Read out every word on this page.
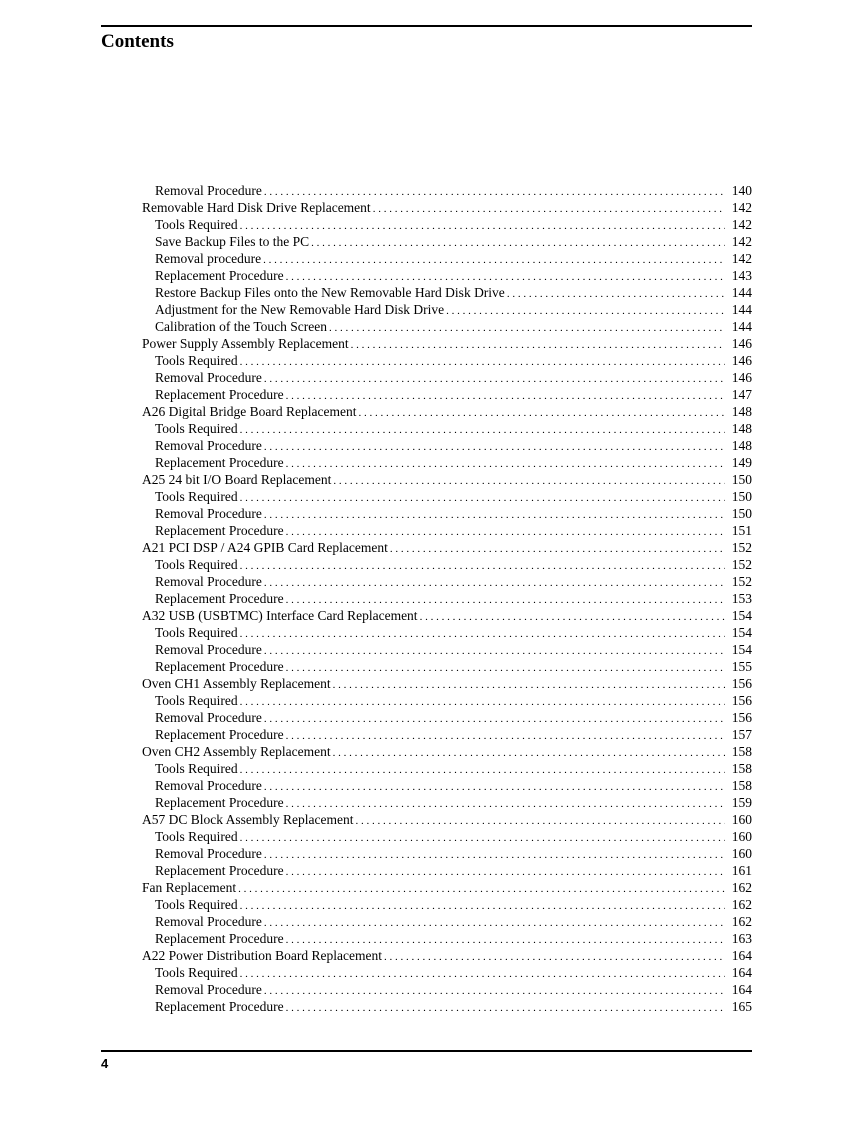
Contents
Removal Procedure . . .	140
Removable Hard Disk Drive Replacement . . .	142
Tools Required . . .	142
Save Backup Files to the PC . . .	142
Removal procedure . . .	142
Replacement Procedure . . .	143
Restore Backup Files onto the New Removable Hard Disk Drive . . .	144
Adjustment for the New Removable Hard Disk Drive . . .	144
Calibration of the Touch Screen . . .	144
Power Supply Assembly Replacement . . .	146
Tools Required . . .	146
Removal Procedure . . .	146
Replacement Procedure . . .	147
A26 Digital Bridge Board Replacement . . .	148
Tools Required . . .	148
Removal Procedure . . .	148
Replacement Procedure . . .	149
A25 24 bit I/O Board Replacement . . .	150
Tools Required . . .	150
Removal Procedure . . .	150
Replacement Procedure . . .	151
A21 PCI DSP / A24 GPIB Card Replacement . . .	152
Tools Required . . .	152
Removal Procedure . . .	152
Replacement Procedure . . .	153
A32 USB (USBTMC) Interface Card Replacement . . .	154
Tools Required . . .	154
Removal Procedure . . .	154
Replacement Procedure . . .	155
Oven CH1 Assembly Replacement . . .	156
Tools Required . . .	156
Removal Procedure . . .	156
Replacement Procedure . . .	157
Oven CH2 Assembly Replacement . . .	158
Tools Required . . .	158
Removal Procedure . . .	158
Replacement Procedure . . .	159
A57 DC Block Assembly Replacement . . .	160
Tools Required . . .	160
Removal Procedure . . .	160
Replacement Procedure . . .	161
Fan Replacement . . .	162
Tools Required . . .	162
Removal Procedure . . .	162
Replacement Procedure . . .	163
A22 Power Distribution Board Replacement . . .	164
Tools Required . . .	164
Removal Procedure . . .	164
Replacement Procedure . . .	165
4
